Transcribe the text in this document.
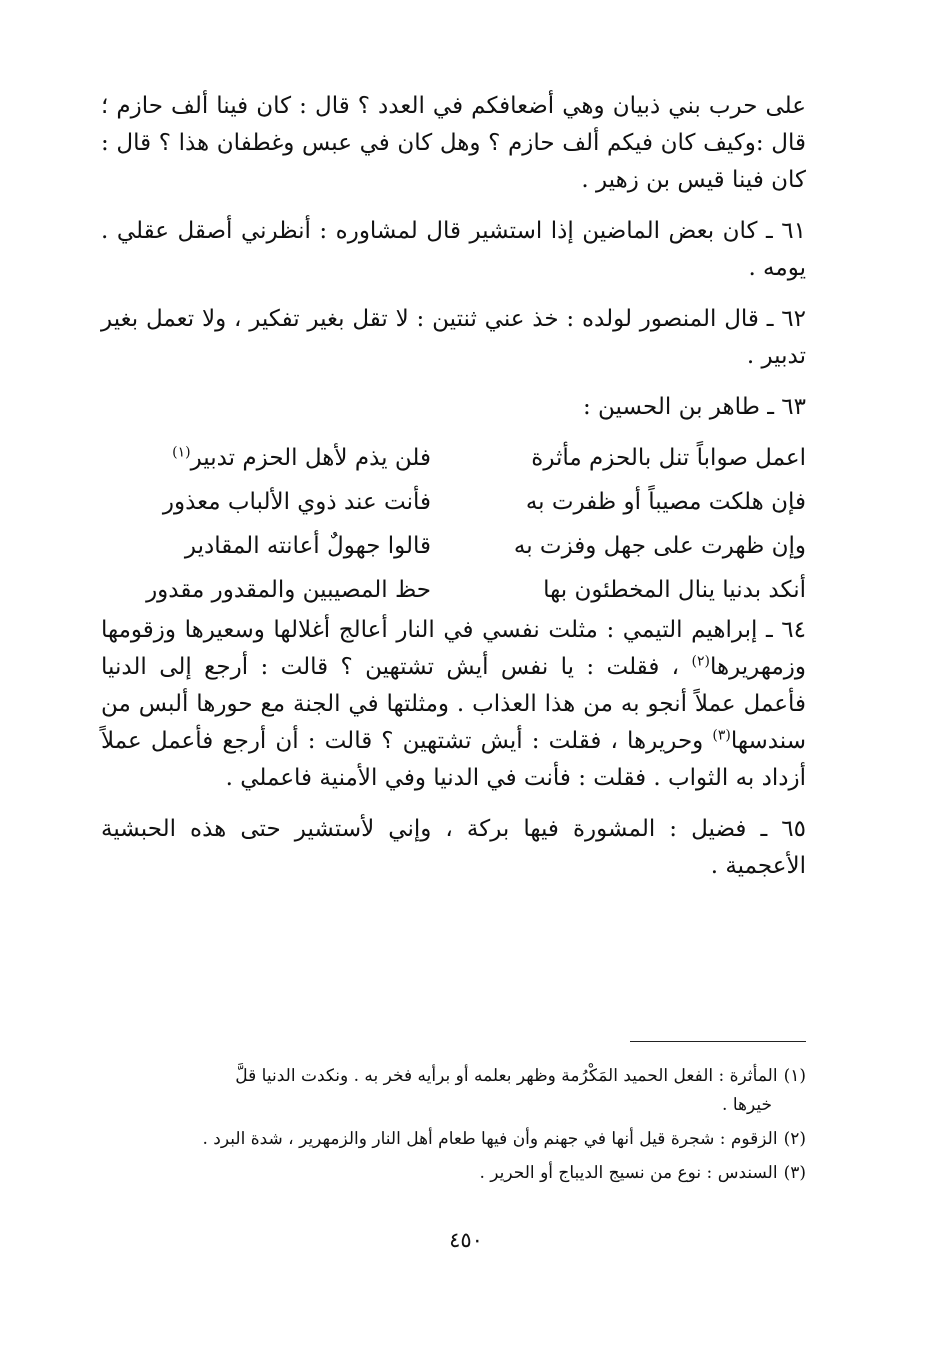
على حرب بني ذبيان وهي أضعافكم في العدد ؟ قال : كان فينا ألف حازم ؛ قال :وكيف كان فيكم ألف حازم ؟ وهل كان في عبس وغطفان هذا ؟ قال : كان فينا قيس بن زهير .

٦١ ـ كان بعض الماضين إذا استشير قال لمشاوره : أنظرني أصقل عقلي . يومه .

٦٢ ـ قال المنصور لولده : خذ عني ثنتين : لا تقل بغير تفكير ، ولا تعمل بغير تدبير .

٦٣ ـ طاهر بن الحسين :

اعمل صواباً تنل بالحزم مأثرة
فلن يذم لأهل الحزم تدبير$^{(١)}$
فإن هلكت مصيباً أو ظفرت به
فأنت عند ذوي الألباب معذور
وإن ظهرت على جهل وفزت به
قالوا جهولٌ أعانته المقادير
أنكد بدنيا ينال المخطئون بها
حظ المصيبين والمقدور مقدور

٦٤ ـ إبراهيم التيمي : مثلت نفسي في النار أعالج أغلالها وسعيرها وزقومها وزمهريرها$^{(٢)}$ ، فقلت : يا نفس أيش تشتهين ؟ قالت : أرجع إلى الدنيا فأعمل عملاً أنجو به من هذا العذاب . ومثلتها في الجنة مع حورها ألبس من سندسها$^{(٣)}$ وحريرها ، فقلت : أيش تشتهين ؟ قالت : أن أرجع فأعمل عملاً أزداد به الثواب . فقلت : فأنت في الدنيا وفي الأمنية فاعملي .

٦٥ ـ فضيل : المشورة فيها بركة ، وإني لأستشير حتى هذه الحبشية الأعجمية .

(١)المأثرة : الفعل الحميد المَكْرُمة وظهر بعلمه أو برأيه فخر به . ونكدت الدنيا قلَّ
خيرها .
(٢)الزقوم : شجرة قيل أنها في جهنم وأن فيها طعام أهل النار والزمهرير ، شدة البرد .
(٣)السندس : نوع من نسيج الديباج أو الحرير .
٤٥٠
